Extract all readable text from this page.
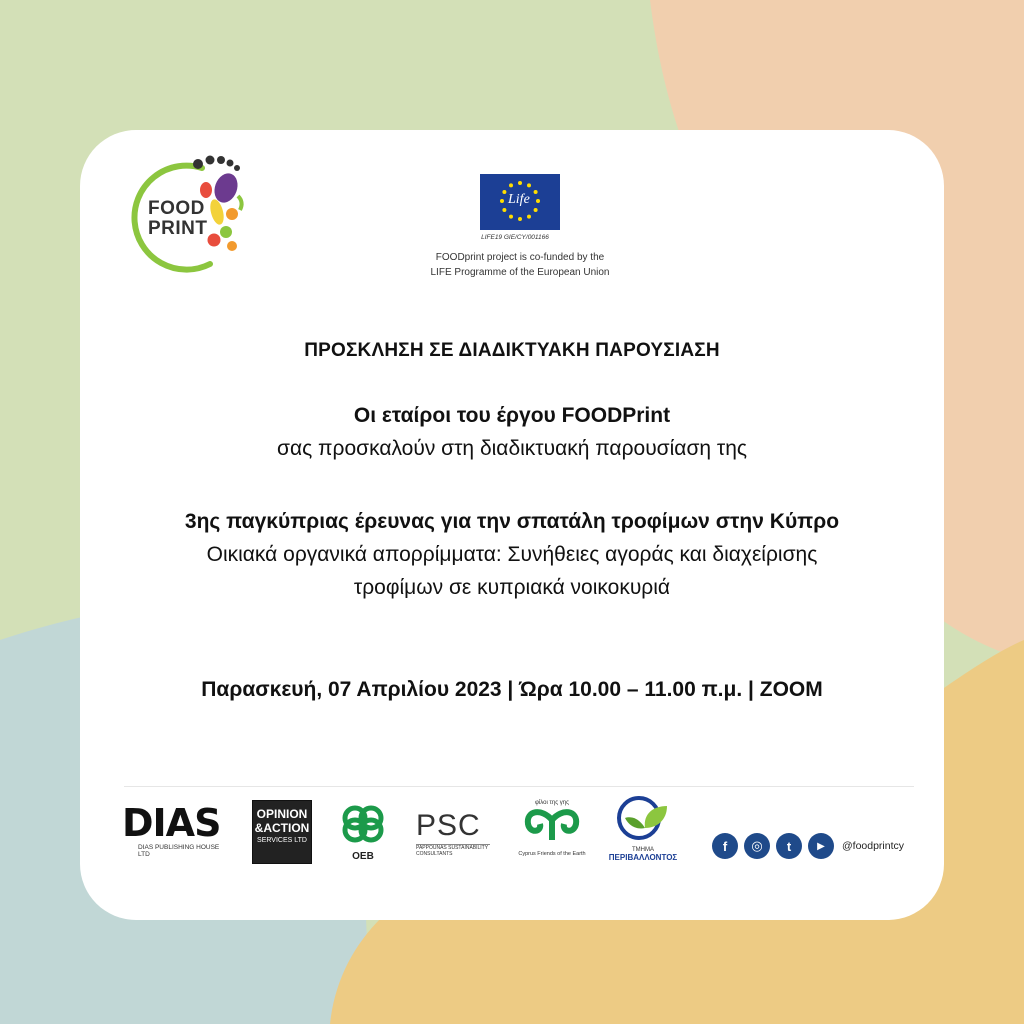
FOOD
PRINT
Life
LIFE19 GIE/CY/001166
FOODprint project is co-funded by the
LIFE Programme of the European Union
ΠΡΟΣΚΛΗΣΗ ΣΕ ΔΙΑΔΙΚΤΥΑΚΗ ΠΑΡΟΥΣΙΑΣΗ
Οι εταίροι του έργου FOODPrint
σας προσκαλούν στη διαδικτυακή παρουσίαση της
3ης παγκύπριας έρευνας για την σπατάλη τροφίμων στην Κύπρο
Οικιακά οργανικά απορρίμματα: Συνήθειες αγοράς και διαχείρισης
τροφίμων σε κυπριακά νοικοκυριά
Παρασκευή, 07 Απριλίου 2023 | Ώρα 10.00 – 11.00 π.μ. | ZOOM
DIAS
DIAS PUBLISHING HOUSE LTD
OPINION
&ACTION
SERVICES LTD
OEB
PSC
PAPPOUNAS SUSTAINABILITY
CONSULTANTS
φίλοι της γης
Cyprus Friends of the Earth
ΤΜΗΜΑ
ΠΕΡΙΒΑΛΛΟΝΤΟΣ
f	◎	t	▶	@foodprintcy
